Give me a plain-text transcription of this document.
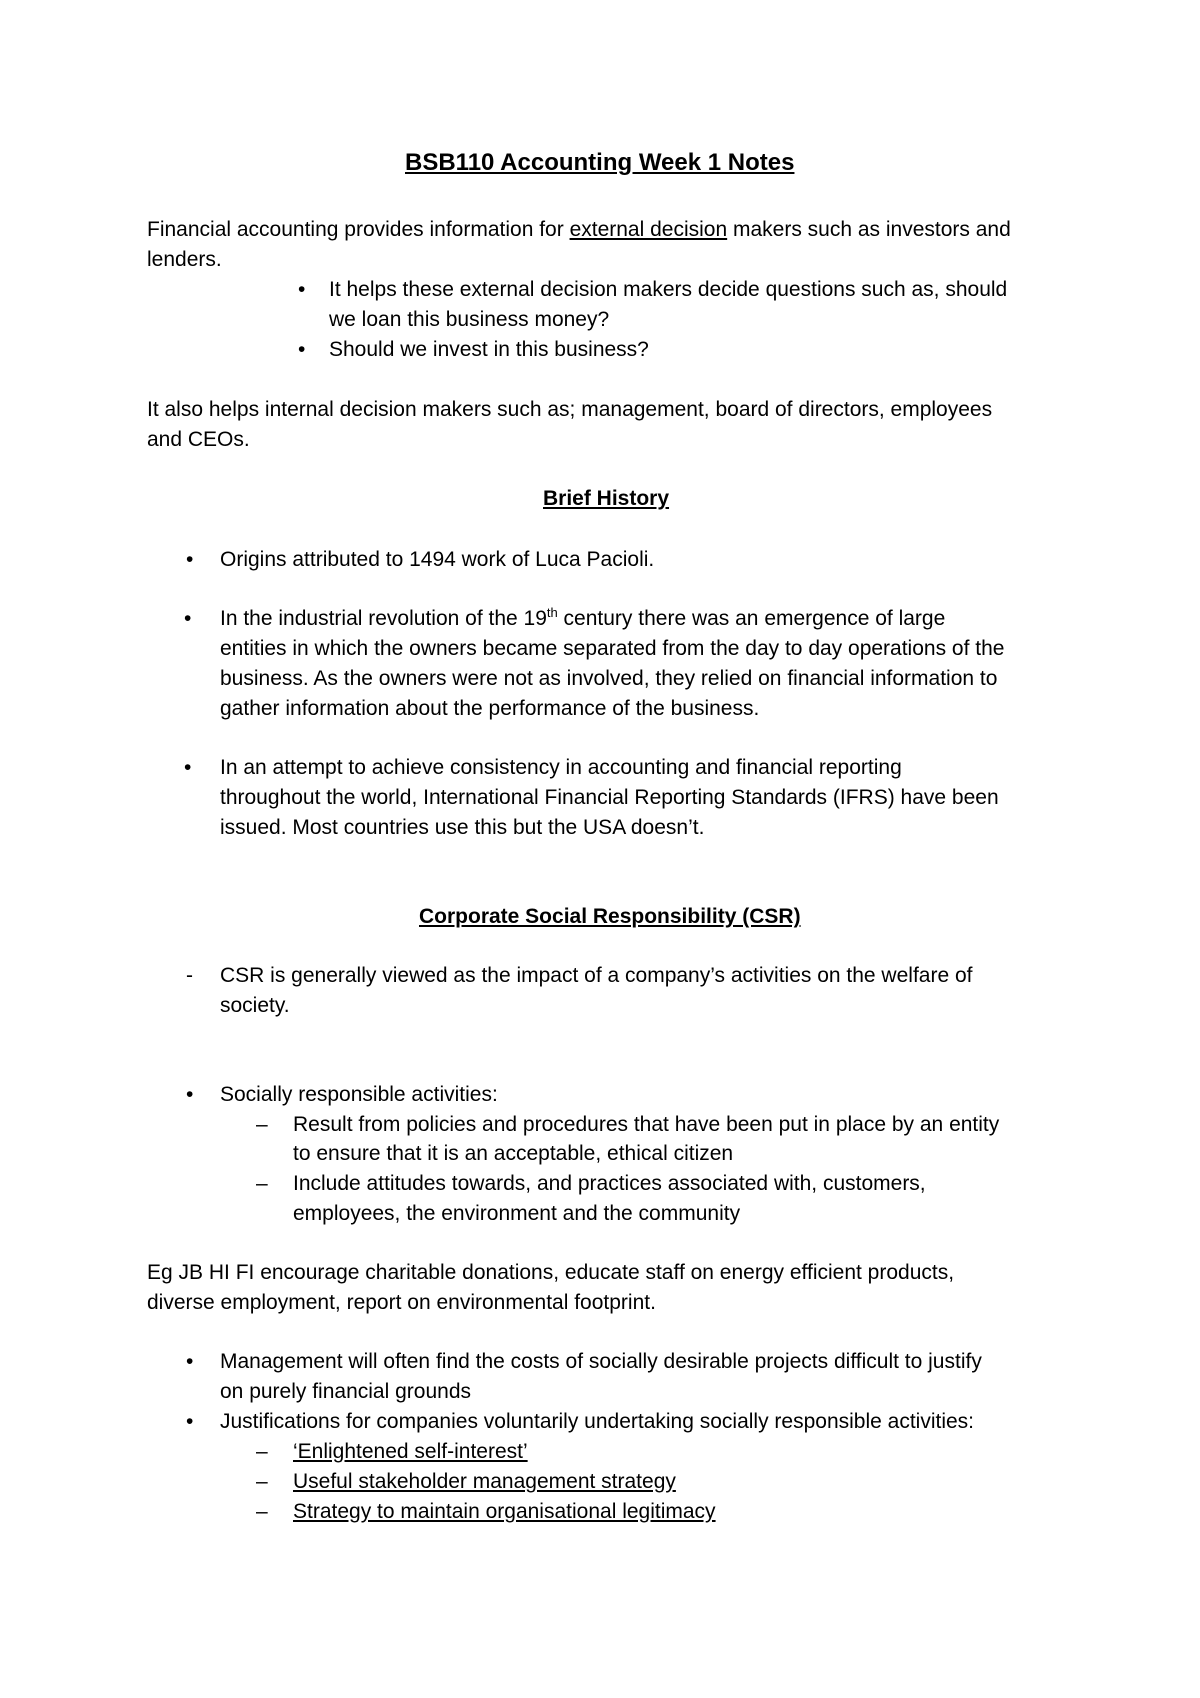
BSB110 Accounting Week 1 Notes
Financial accounting provides information for external decision makers such as investors and
lenders.
• It helps these external decision makers decide questions such as, should
we loan this business money?
• Should we invest in this business?
It also helps internal decision makers such as; management, board of directors, employees
and CEOs.
Brief History
• Origins attributed to 1494 work of Luca Pacioli.
• In the industrial revolution of the 19th century there was an emergence of large
entities in which the owners became separated from the day to day operations of the
business. As the owners were not as involved, they relied on financial information to
gather information about the performance of the business.
• In an attempt to achieve consistency in accounting and financial reporting
throughout the world, International Financial Reporting Standards (IFRS) have been
issued. Most countries use this but the USA doesn’t.
Corporate Social Responsibility (CSR)
- CSR is generally viewed as the impact of a company’s activities on the welfare of
society.
• Socially responsible activities:
– Result from policies and procedures that have been put in place by an entity
to ensure that it is an acceptable, ethical citizen
– Include attitudes towards, and practices associated with, customers,
employees, the environment and the community
Eg JB HI FI encourage charitable donations, educate staff on energy efficient products,
diverse employment, report on environmental footprint.
• Management will often find the costs of socially desirable projects difficult to justify
on purely financial grounds
• Justifications for companies voluntarily undertaking socially responsible activities:
– ‘Enlightened self-interest’
– Useful stakeholder management strategy
– Strategy to maintain organisational legitimacy
